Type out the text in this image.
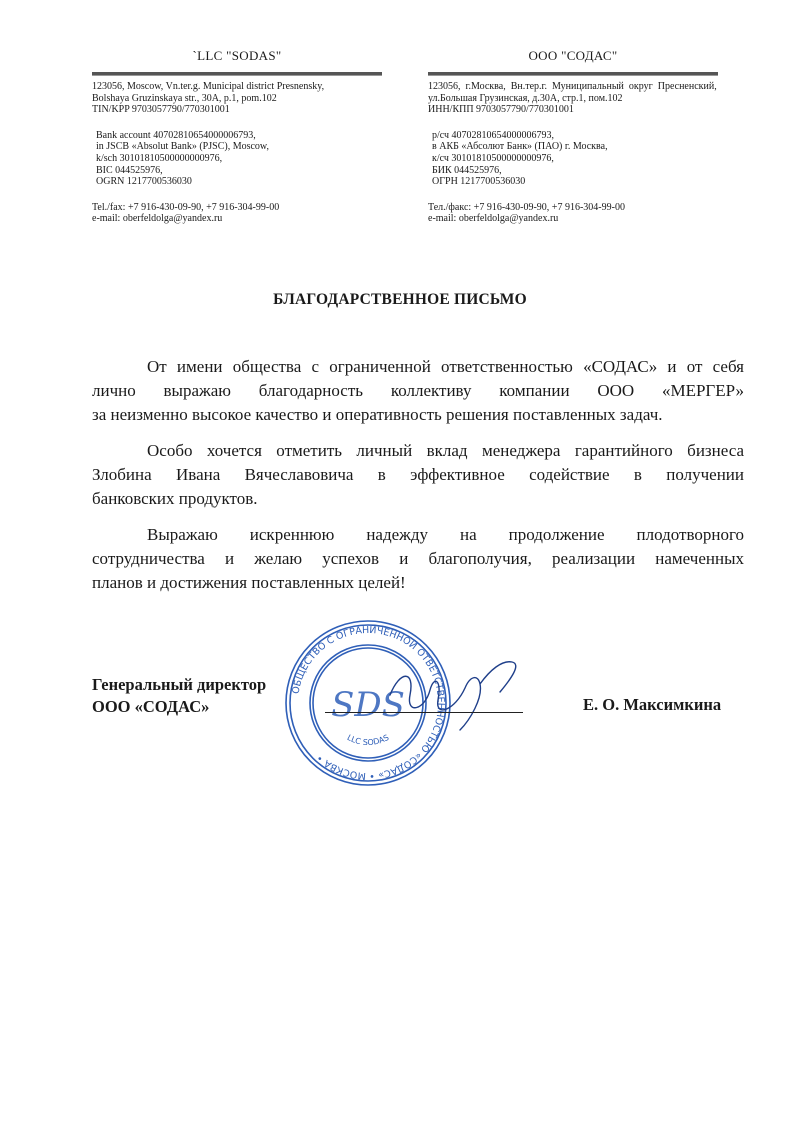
`LLC "SODAS"
123056, Moscow, Vn.ter.g. Municipal district Presnensky,
Bolshaya Gruzinskaya str., 30A, p.1, pom.102
TIN/KPP 9703057790/770301001
Bank account 40702810654000006793,
in JSCB «Absolut Bank» (PJSC), Moscow,
k/sch 30101810500000000976,
BIC 044525976,
OGRN 1217700536030
Tel./fax: +7 916-430-09-90, +7 916-304-99-00
e-mail: oberfeldolga@yandex.ru
ООО "СОДАС"
123056,  г.Москва,  Вн.тер.г.  Муниципальный  округ  Пресненский,
ул.Большая Грузинская, д.30А, стр.1, пом.102
ИНН/КПП 9703057790/770301001
р/сч 40702810654000006793,
в АКБ «Абсолют Банк» (ПАО) г. Москва,
к/сч 30101810500000000976,
БИК 044525976,
ОГРН 1217700536030
Тел./факс: +7 916-430-09-90, +7 916-304-99-00
e-mail: oberfeldolga@yandex.ru
БЛАГОДАРСТВЕННОЕ ПИСЬМО
От имени общества с ограниченной ответственностью «СОДАС» и от себя
лично выражаю благодарность коллективу компании ООО «МЕРГЕР»
за неизменно высокое качество и оперативность решения поставленных задач.
Особо хочется отметить личный вклад менеджера гарантийного бизнеса
Злобина Ивана Вячеславовича в эффективное содействие в получении
банковских продуктов.
Выражаю искреннюю надежду на продолжение плодотворного
сотрудничества и желаю успехов и благополучия, реализации намеченных
планов и достижения поставленных целей!
ОБЩЕСТВО С ОГРАНИЧЕННОЙ ОТВЕТСТВЕННОСТЬЮ «СОДАС» • МОСКВА •
LLC SODAS
SDS
Генеральный директор
ООО «СОДАС»	Е. О. Максимкина
